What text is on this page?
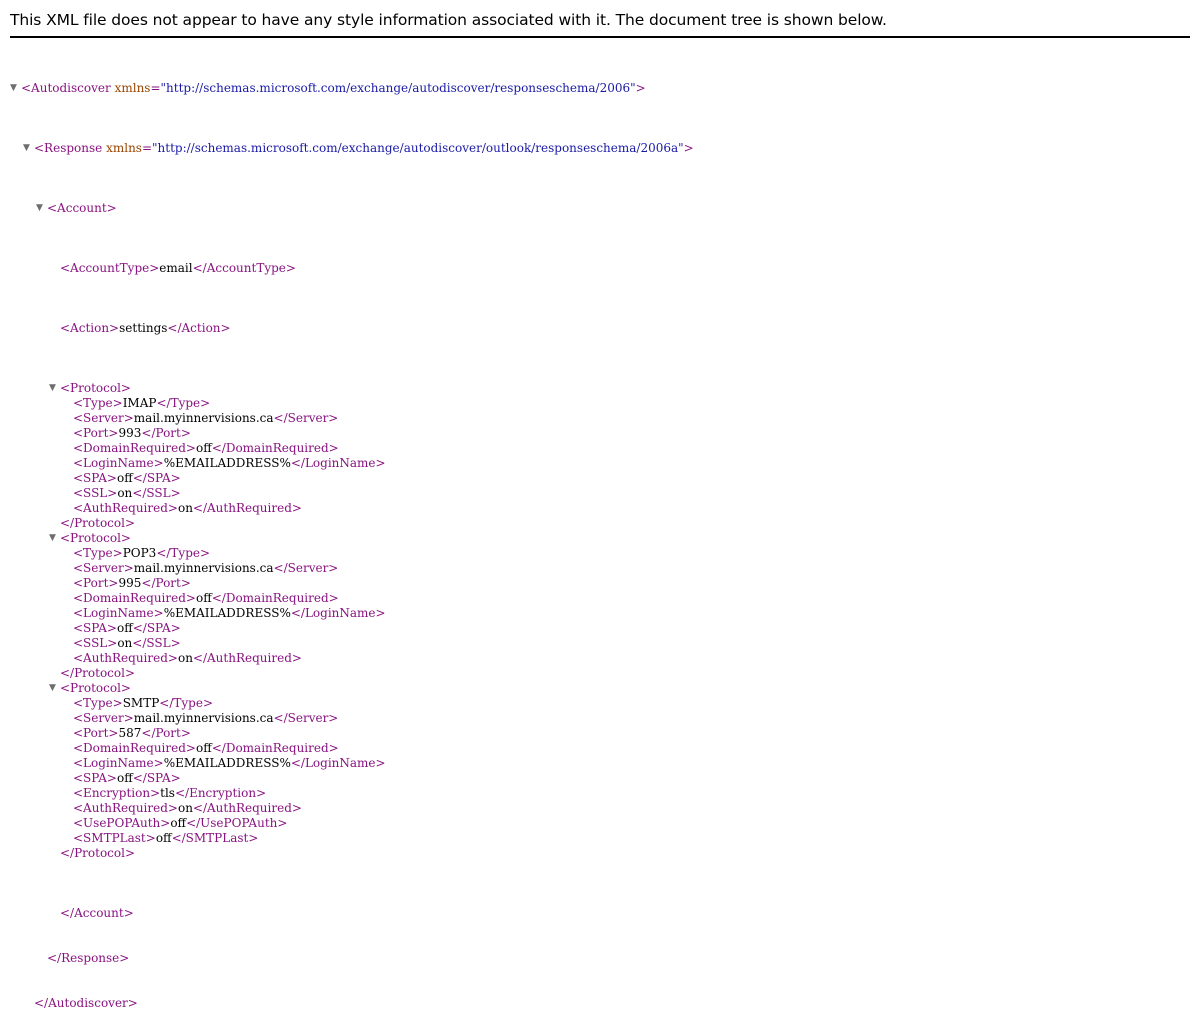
This XML file does not appear to have any style information associated with it. The document tree is shown below.

▼ <Autodiscover xmlns="http://schemas.microsoft.com/exchange/autodiscover/responseschema/2006">

▼ <Response xmlns="http://schemas.microsoft.com/exchange/autodiscover/outlook/responseschema/2006a">

▼ <Account>

<AccountType>email</AccountType>

<Action>settings</Action>

▼ <Protocol>
<Type>IMAP</Type>
<Server>mail.myinnervisions.ca</Server>
<Port>993</Port>
<DomainRequired>off</DomainRequired>
<LoginName>%EMAILADDRESS%</LoginName>
<SPA>off</SPA>
<SSL>on</SSL>
<AuthRequired>on</AuthRequired>
</Protocol>
▼ <Protocol>
<Type>POP3</Type>
<Server>mail.myinnervisions.ca</Server>
<Port>995</Port>
<DomainRequired>off</DomainRequired>
<LoginName>%EMAILADDRESS%</LoginName>
<SPA>off</SPA>
<SSL>on</SSL>
<AuthRequired>on</AuthRequired>
</Protocol>
▼ <Protocol>
<Type>SMTP</Type>
<Server>mail.myinnervisions.ca</Server>
<Port>587</Port>
<DomainRequired>off</DomainRequired>
<LoginName>%EMAILADDRESS%</LoginName>
<SPA>off</SPA>
<Encryption>tls</Encryption>
<AuthRequired>on</AuthRequired>
<UsePOPAuth>off</UsePOPAuth>
<SMTPLast>off</SMTPLast>
</Protocol>

</Account>

</Response>

</Autodiscover>
